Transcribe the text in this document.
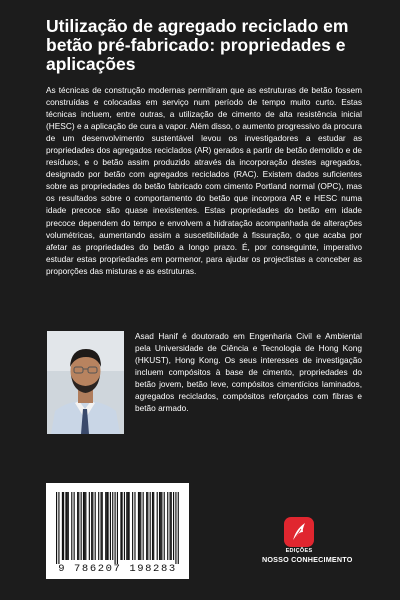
Utilização de agregado reciclado em betão pré-fabricado: propriedades e aplicações

As técnicas de construção modernas permitiram que as estruturas de betão fossem construídas e colocadas em serviço num período de tempo muito curto. Estas técnicas incluem, entre outras, a utilização de cimento de alta resistência inicial (HESC) e a aplicação de cura a vapor. Além disso, o aumento progressivo da procura de um desenvolvimento sustentável levou os investigadores a estudar as propriedades dos agregados reciclados (AR) gerados a partir de betão demolido e de resíduos, e o betão assim produzido através da incorporação destes agregados, designado por betão com agregados reciclados (RAC). Existem dados suficientes sobre as propriedades do betão fabricado com cimento Portland normal (OPC), mas os resultados sobre o comportamento do betão que incorpora AR e HESC numa idade precoce são quase inexistentes. Estas propriedades do betão em idade precoce dependem do tempo e envolvem a hidratação acompanhada de alterações volumétricas, aumentando assim a suscetibilidade à fissuração, o que acaba por afetar as propriedades do betão a longo prazo. É, por conseguinte, imperativo estudar estas propriedades em pormenor, para ajudar os projectistas a conceber as proporções das misturas e as estruturas.

Asad Hanif é doutorado em Engenharia Civil e Ambiental pela Universidade de Ciência e Tecnologia de Hong Kong (HKUST), Hong Kong. Os seus interesses de investigação incluem compósitos à base de cimento, propriedades do betão jovem, betão leve, compósitos cimentícios laminados, agregados reciclados, compósitos reforçados com fibras e betão armado.

9 786207 198283
EDIÇÕES
NOSSO CONHECIMENTO
